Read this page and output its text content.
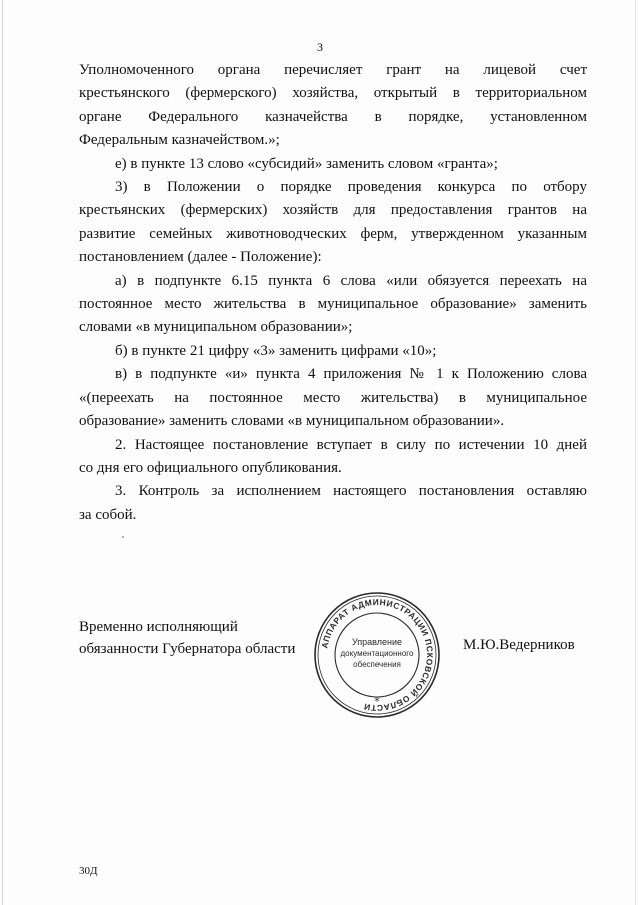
3
Уполномоченного органа перечисляет грант на лицевой счет
крестьянского (фермерского) хозяйства, открытый в территориальном
органе Федерального казначейства в порядке, установленном
Федеральным казначейством.»;
е) в пункте 13 слово «субсидий» заменить словом «гранта»;
3) в Положении о порядке проведения конкурса по отбору
крестьянских (фермерских) хозяйств для предоставления грантов на
развитие семейных животноводческих ферм, утвержденном указанным
постановлением (далее - Положение):
а) в подпункте 6.15 пункта 6 слова «или обязуется переехать на
постоянное место жительства в муниципальное образование» заменить
словами «в муниципальном образовании»;
б) в пункте 21 цифру «3» заменить цифрами «10»;
в) в подпункте «и» пункта 4 приложения № 1 к Положению слова
«(переехать на постоянное место жительства) в муниципальное
образование» заменить словами «в муниципальном образовании».
2. Настоящее постановление вступает в силу по истечении 10 дней
со дня его официального опубликования.
3. Контроль за исполнением настоящего постановления оставляю
за собой.
Временно исполняющий
обязанности Губернатора области	АППАРАТ АДМИНИСТРАЦИИ ПСКОВСКОЙ ОБЛАСТИ
Управление
документационного
обеспечения
*
М.Ю.Ведерников
30Д
